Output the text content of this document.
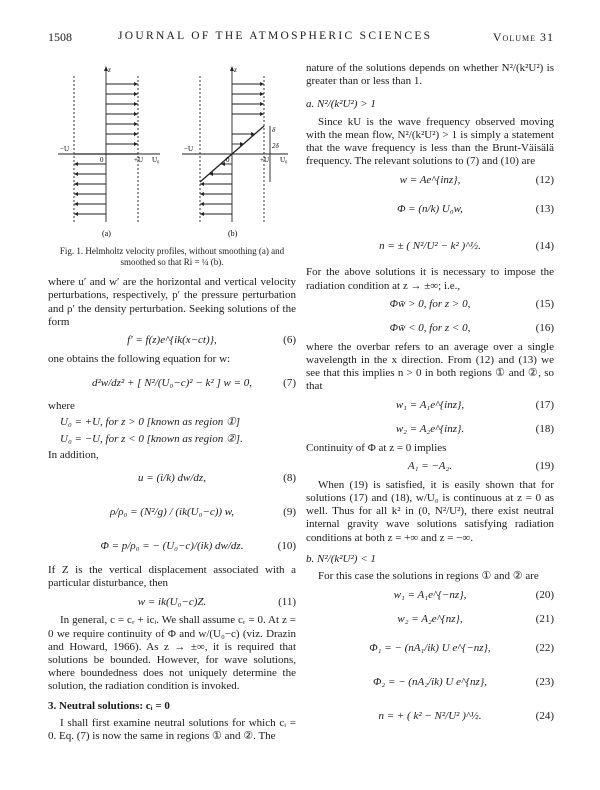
1508	JOURNAL OF THE ATMOSPHERIC SCIENCES	Volume 31
z
−U
+U
0	U₀
(a)
z
−U
+U
0	U₀
δ
2δ
(b)
Fig. 1. Helmholtz velocity profiles, without smoothing (a) and smoothed so that Ri = ¼ (b).

where u′ and w′ are the horizontal and vertical velocity perturbations, respectively, p′ the pressure perturbation and ρ′ the density perturbation. Seeking solutions of the form

f′ = f(z)e^{ik(x−ct)},	(6)

one obtains the following equation for w:

d²w/dz² + [ N²/(U₀−c)² − k² ] w = 0,	(7)

where

U₀ = +U, for z > 0 [known as region ①]
U₀ = −U, for z < 0 [known as region ②].

In addition,

u = (i/k) dw/dz,	(8)
ρ/ρ₀ = (N²/g) / (ik(U₀−c)) w,	(9)
Φ = p/ρ₀ = − (U₀−c)/(ik) dw/dz.	(10)

If Z is the vertical displacement associated with a particular disturbance, then

w = ik(U₀−c)Z.	(11)

In general, c = cᵣ + icᵢ. We shall assume cᵣ = 0. At z = 0 we require continuity of Φ and w/(U₀−c) (viz. Drazin and Howard, 1966). As z → ±∞, it is required that solutions be bounded. However, for wave solutions, where boundedness does not uniquely determine the solution, the radiation condition is invoked.

3. Neutral solutions: cᵢ = 0

I shall first examine neutral solutions for which cᵢ = 0. Eq. (7) is now the same in regions ① and ②. The

nature of the solutions depends on whether N²/(k²U²) is greater than or less than 1.

a. N²/(k²U²) > 1

Since kU is the wave frequency observed moving with the mean flow, N²/(k²U²) > 1 is simply a statement that the wave frequency is less than the Brunt-Väisälä frequency. The relevant solutions to (7) and (10) are

w = Ae^{inz},	(12)
Φ = (n/k) U₀w,	(13)
n = ± ( N²/U² − k² )^½.	(14)

For the above solutions it is necessary to impose the radiation condition at z → ±∞; i.e.,

Φw̄ > 0, for z > 0,	(15)
Φw̄ < 0, for z < 0,	(16)

where the overbar refers to an average over a single wavelength in the x direction. From (12) and (13) we see that this implies n > 0 in both regions ① and ②, so that

w₁ = A₁e^{inz},	(17)
w₂ = A₂e^{inz}.	(18)

Continuity of Φ at z = 0 implies

A₁ = −A₂.	(19)

When (19) is satisfied, it is easily shown that for solutions (17) and (18), w/U₀ is continuous at z = 0 as well. Thus for all k² in (0, N²/U²), there exist neutral internal gravity wave solutions satisfying radiation conditions at both z = +∞ and z = −∞.

b. N²/(k²U²) < 1

For this case the solutions in regions ① and ② are

w₁ = A₁e^{−nz},	(20)
w₂ = A₂e^{nz},	(21)
Φ₁ = − (nA₁/ik) U e^{−nz},	(22)
Φ₂ = − (nA₂/ik) U e^{nz},	(23)
n = + ( k² − N²/U² )^½.	(24)
